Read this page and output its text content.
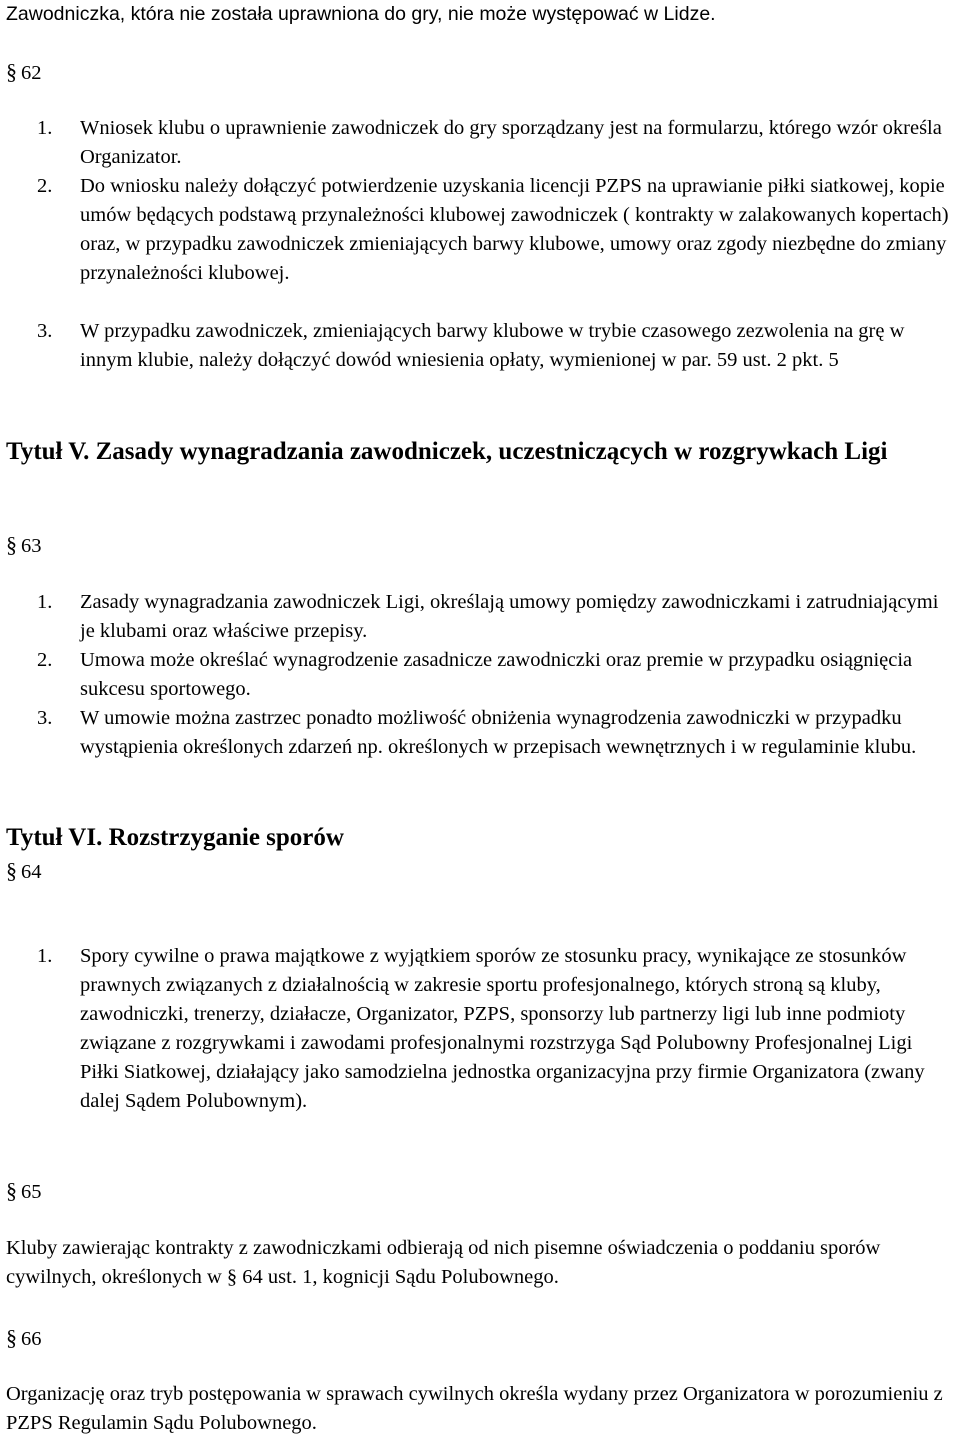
Zawodniczka, która nie została uprawniona do gry, nie może występować w Lidze.

§ 62

1. Wniosek klubu o uprawnienie zawodniczek do gry sporządzany jest na formularzu, którego wzór określa Organizator.
2. Do wniosku należy dołączyć potwierdzenie uzyskania licencji PZPS na uprawianie piłki siatkowej, kopie umów będących podstawą przynależności klubowej zawodniczek ( kontrakty w zalakowanych kopertach) oraz, w przypadku zawodniczek zmieniających barwy klubowe, umowy oraz zgody niezbędne do zmiany przynależności klubowej.
3. W przypadku zawodniczek, zmieniających barwy klubowe w trybie czasowego zezwolenia na grę w innym klubie, należy dołączyć dowód wniesienia opłaty, wymienionej w par. 59 ust. 2 pkt. 5
Tytuł V. Zasady wynagradzania zawodniczek, uczestniczących w rozgrywkach Ligi

§ 63

1. Zasady wynagradzania zawodniczek Ligi, określają umowy pomiędzy zawodniczkami i zatrudniającymi je klubami oraz właściwe przepisy.
2. Umowa może określać wynagrodzenie zasadnicze zawodniczki oraz premie w przypadku osiągnięcia sukcesu sportowego.
3. W umowie można zastrzec ponadto możliwość obniżenia wynagrodzenia zawodniczki w przypadku wystąpienia określonych zdarzeń np. określonych w przepisach wewnętrznych i w regulaminie klubu.
Tytuł VI. Rozstrzyganie sporów

§ 64

1. Spory cywilne o prawa majątkowe z wyjątkiem sporów ze stosunku pracy, wynikające ze stosunków prawnych związanych z działalnością w zakresie sportu profesjonalnego, których stroną są kluby, zawodniczki, trenerzy, działacze, Organizator, PZPS, sponsorzy lub partnerzy ligi lub inne podmioty związane z rozgrywkami i zawodami profesjonalnymi rozstrzyga Sąd Polubowny Profesjonalnej Ligi Piłki Siatkowej, działający jako samodzielna jednostka organizacyjna przy firmie Organizatora (zwany dalej Sądem Polubownym).

§ 65

Kluby zawierając kontrakty z zawodniczkami odbierają od nich pisemne oświadczenia o poddaniu sporów cywilnych, określonych w § 64 ust. 1, kognicji Sądu Polubownego.

§ 66

Organizację oraz tryb postępowania w sprawach cywilnych określa wydany przez Organizatora w porozumieniu z PZPS Regulamin Sądu Polubownego.
